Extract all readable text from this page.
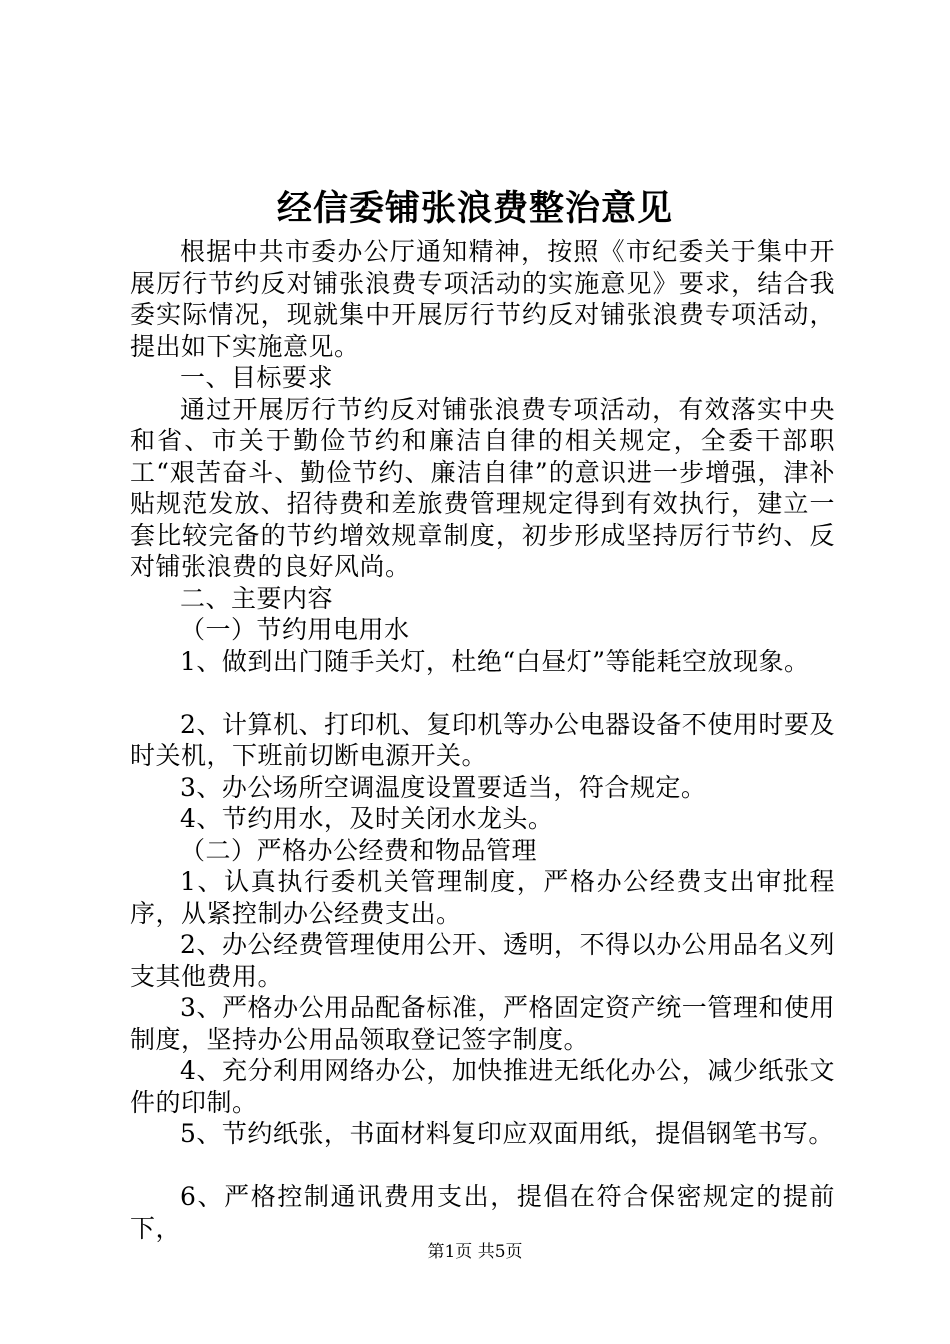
经信委铺张浪费整治意见

根据中共市委办公厅通知精神，按照《市纪委关于集中开展厉行节约反对铺张浪费专项活动的实施意见》要求，结合我委实际情况，现就集中开展厉行节约反对铺张浪费专项活动，提出如下实施意见。

一、目标要求

通过开展厉行节约反对铺张浪费专项活动，有效落实中央和省、市关于勤俭节约和廉洁自律的相关规定，全委干部职工“艰苦奋斗、勤俭节约、廉洁自律”的意识进一步增强，津补贴规范发放、招待费和差旅费管理规定得到有效执行，建立一套比较完备的节约增效规章制度，初步形成坚持厉行节约、反对铺张浪费的良好风尚。

二、主要内容

（一）节约用电用水

1、做到出门随手关灯，杜绝“白昼灯”等能耗空放现象。

2、计算机、打印机、复印机等办公电器设备不使用时要及时关机，下班前切断电源开关。

3、办公场所空调温度设置要适当，符合规定。

4、节约用水，及时关闭水龙头。

（二）严格办公经费和物品管理

1、认真执行委机关管理制度，严格办公经费支出审批程序，从紧控制办公经费支出。

2、办公经费管理使用公开、透明，不得以办公用品名义列支其他费用。

3、严格办公用品配备标准，严格固定资产统一管理和使用制度，坚持办公用品领取登记签字制度。

4、充分利用网络办公，加快推进无纸化办公，减少纸张文件的印制。

5、节约纸张，书面材料复印应双面用纸，提倡钢笔书写。

6、严格控制通讯费用支出，提倡在符合保密规定的提前下，

第1页 共5页
